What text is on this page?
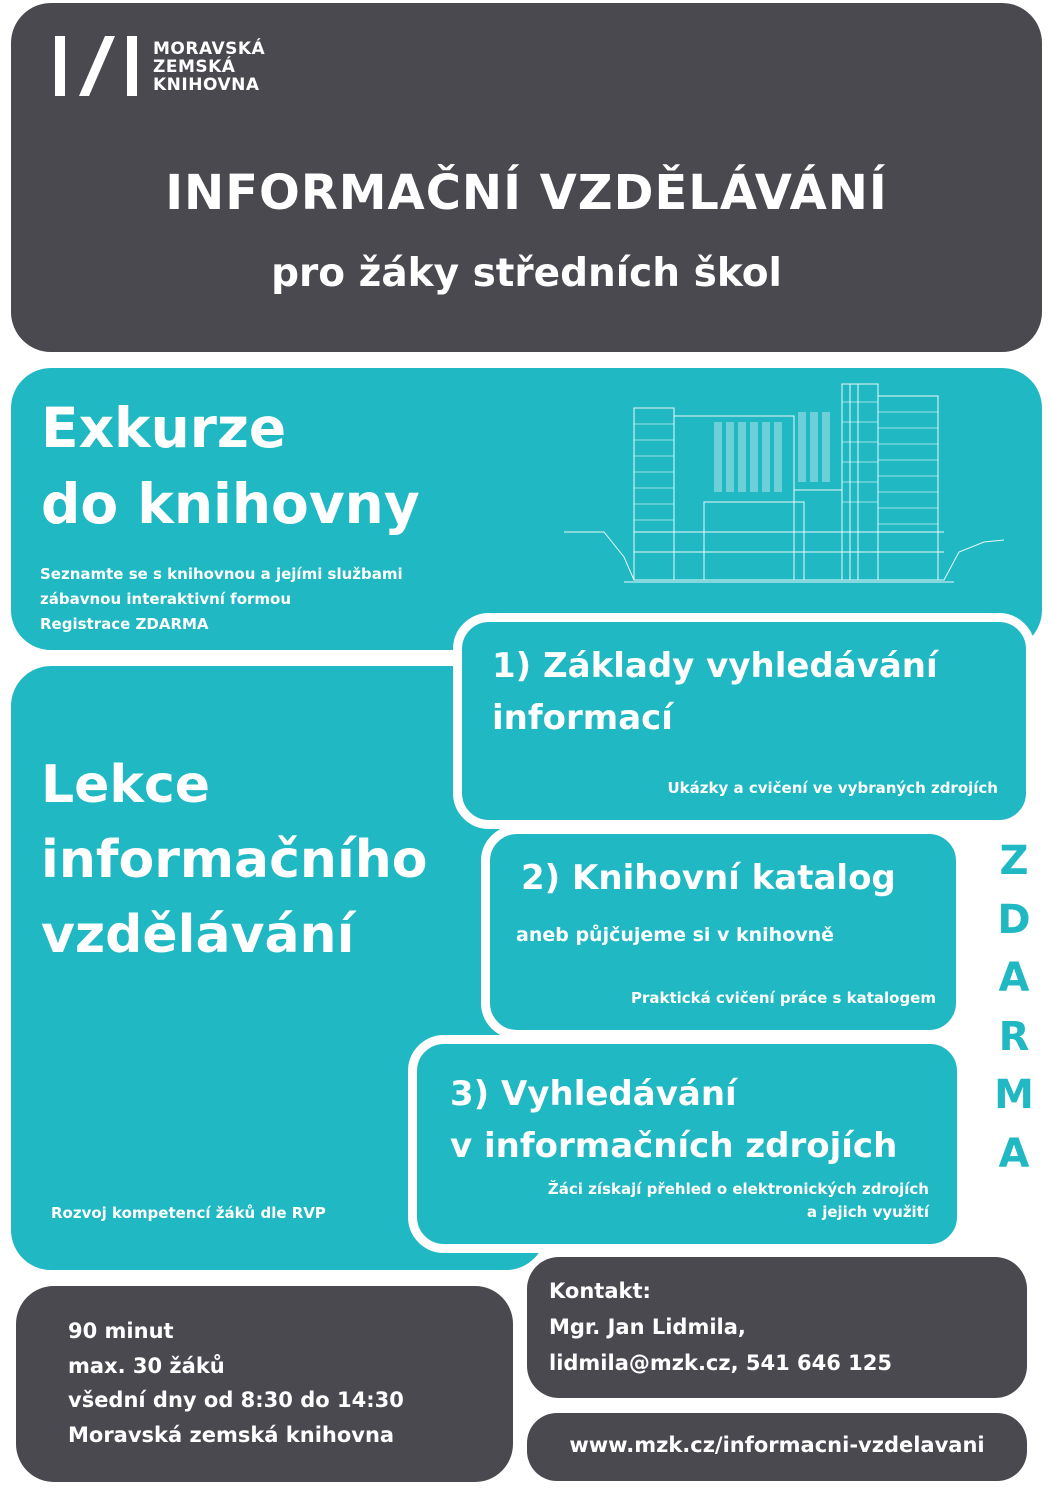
MORAVSKÁ
ZEMSKÁ
KNIHOVNA
INFORMAČNÍ VZDĚLÁVÁNÍ
pro žáky středních škol
Exkurze
do knihovny
Seznamte se s knihovnou a jejími službami
zábavnou interaktivní formou
Registrace ZDARMA
Lekce
informačního
vzdělávání
Rozvoj kompetencí žáků dle RVP
1) Základy vyhledávání
informací
Ukázky a cvičení ve vybraných zdrojích
2) Knihovní katalog
aneb půjčujeme si v knihovně
Praktická cvičení práce s katalogem
3) Vyhledávání
v informačních zdrojích
Žáci získají přehled o elektronických zdrojích
a jejich využití
Z
D
A
R
M
A
90 minut
max. 30 žáků
všední dny od 8:30 do 14:30
Moravská zemská knihovna
Kontakt:
Mgr. Jan Lidmila,
lidmila@mzk.cz, 541 646 125
www.mzk.cz/informacni-vzdelavani
